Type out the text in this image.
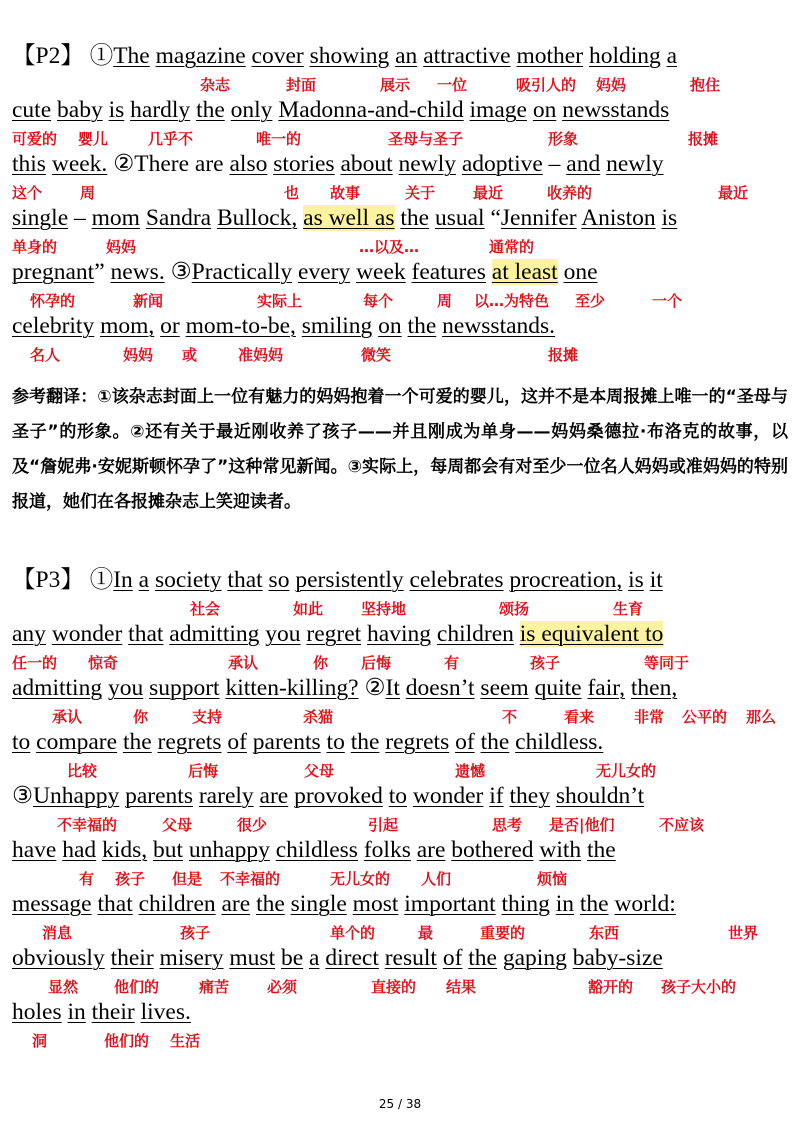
【P2】 ①The magazine cover showing an attractive mother holding a
cute baby is hardly the only Madonna-and-child image on newsstands
this week. ②There are also stories about newly adoptive – and newly
single – mom Sandra Bullock, as well as the usual “Jennifer Aniston is
pregnant” news. ③Practically every week features at least one
celebrity mom, or mom-to-be, smiling on the newsstands.
杂志	封面	展示 一位	吸引人的 妈妈	抱住
可爱的 婴儿	几乎不	唯一的	圣母与圣子	形象	报摊
这个	周	也 故事	关于	最近	收养的	最近
单身的	妈妈	…以及…	通常的
怀孕的	新闻	实际上	每个	周 以…为特色 至少	一个
名人	妈妈 或	准妈妈	微笑	报摊
参考翻译：①该杂志封面上一位有魅力的妈妈抱着一个可爱的婴儿，这并不是本周报摊上唯一的“圣母与圣子”的形象。②还有关于最近刚收养了孩子——并且刚成为单身——妈妈桑德拉·布洛克的故事，以及“詹妮弗·安妮斯顿怀孕了”这种常见新闻。③实际上，每周都会有对至少一位名人妈妈或准妈妈的特别报道，她们在各报摊杂志上笑迎读者。
【P3】 ①In a society that so persistently celebrates procreation, is it
any wonder that admitting you regret having children is equivalent to
admitting you support kitten-killing? ②It doesn’t seem quite fair, then,
to compare the regrets of parents to the regrets of the childless.
③Unhappy parents rarely are provoked to wonder if they shouldn’t
have had kids, but unhappy childless folks are bothered with the
message that children are the single most important thing in the world:
obviously their misery must be a direct result of the gaping baby-size
holes in their lives.
社会	如此	坚持地	颂扬	生育
任一的 惊奇	承认	你 后悔	有	孩子	等同于
承认	你	支持	杀猫	不	看来	非常 公平的 那么
比较	后悔	父母	遗憾	无儿女的
不幸福的	父母	很少	引起	思考 是否|他们	不应该
有 孩子 但是 不幸福的	无儿女的 人们	烦恼
消息	孩子	单个的	最	重要的	东西	世界
显然 他们的	痛苦	必须	直接的 结果	豁开的 孩子大小的
洞	他们的 生活
25 / 38
